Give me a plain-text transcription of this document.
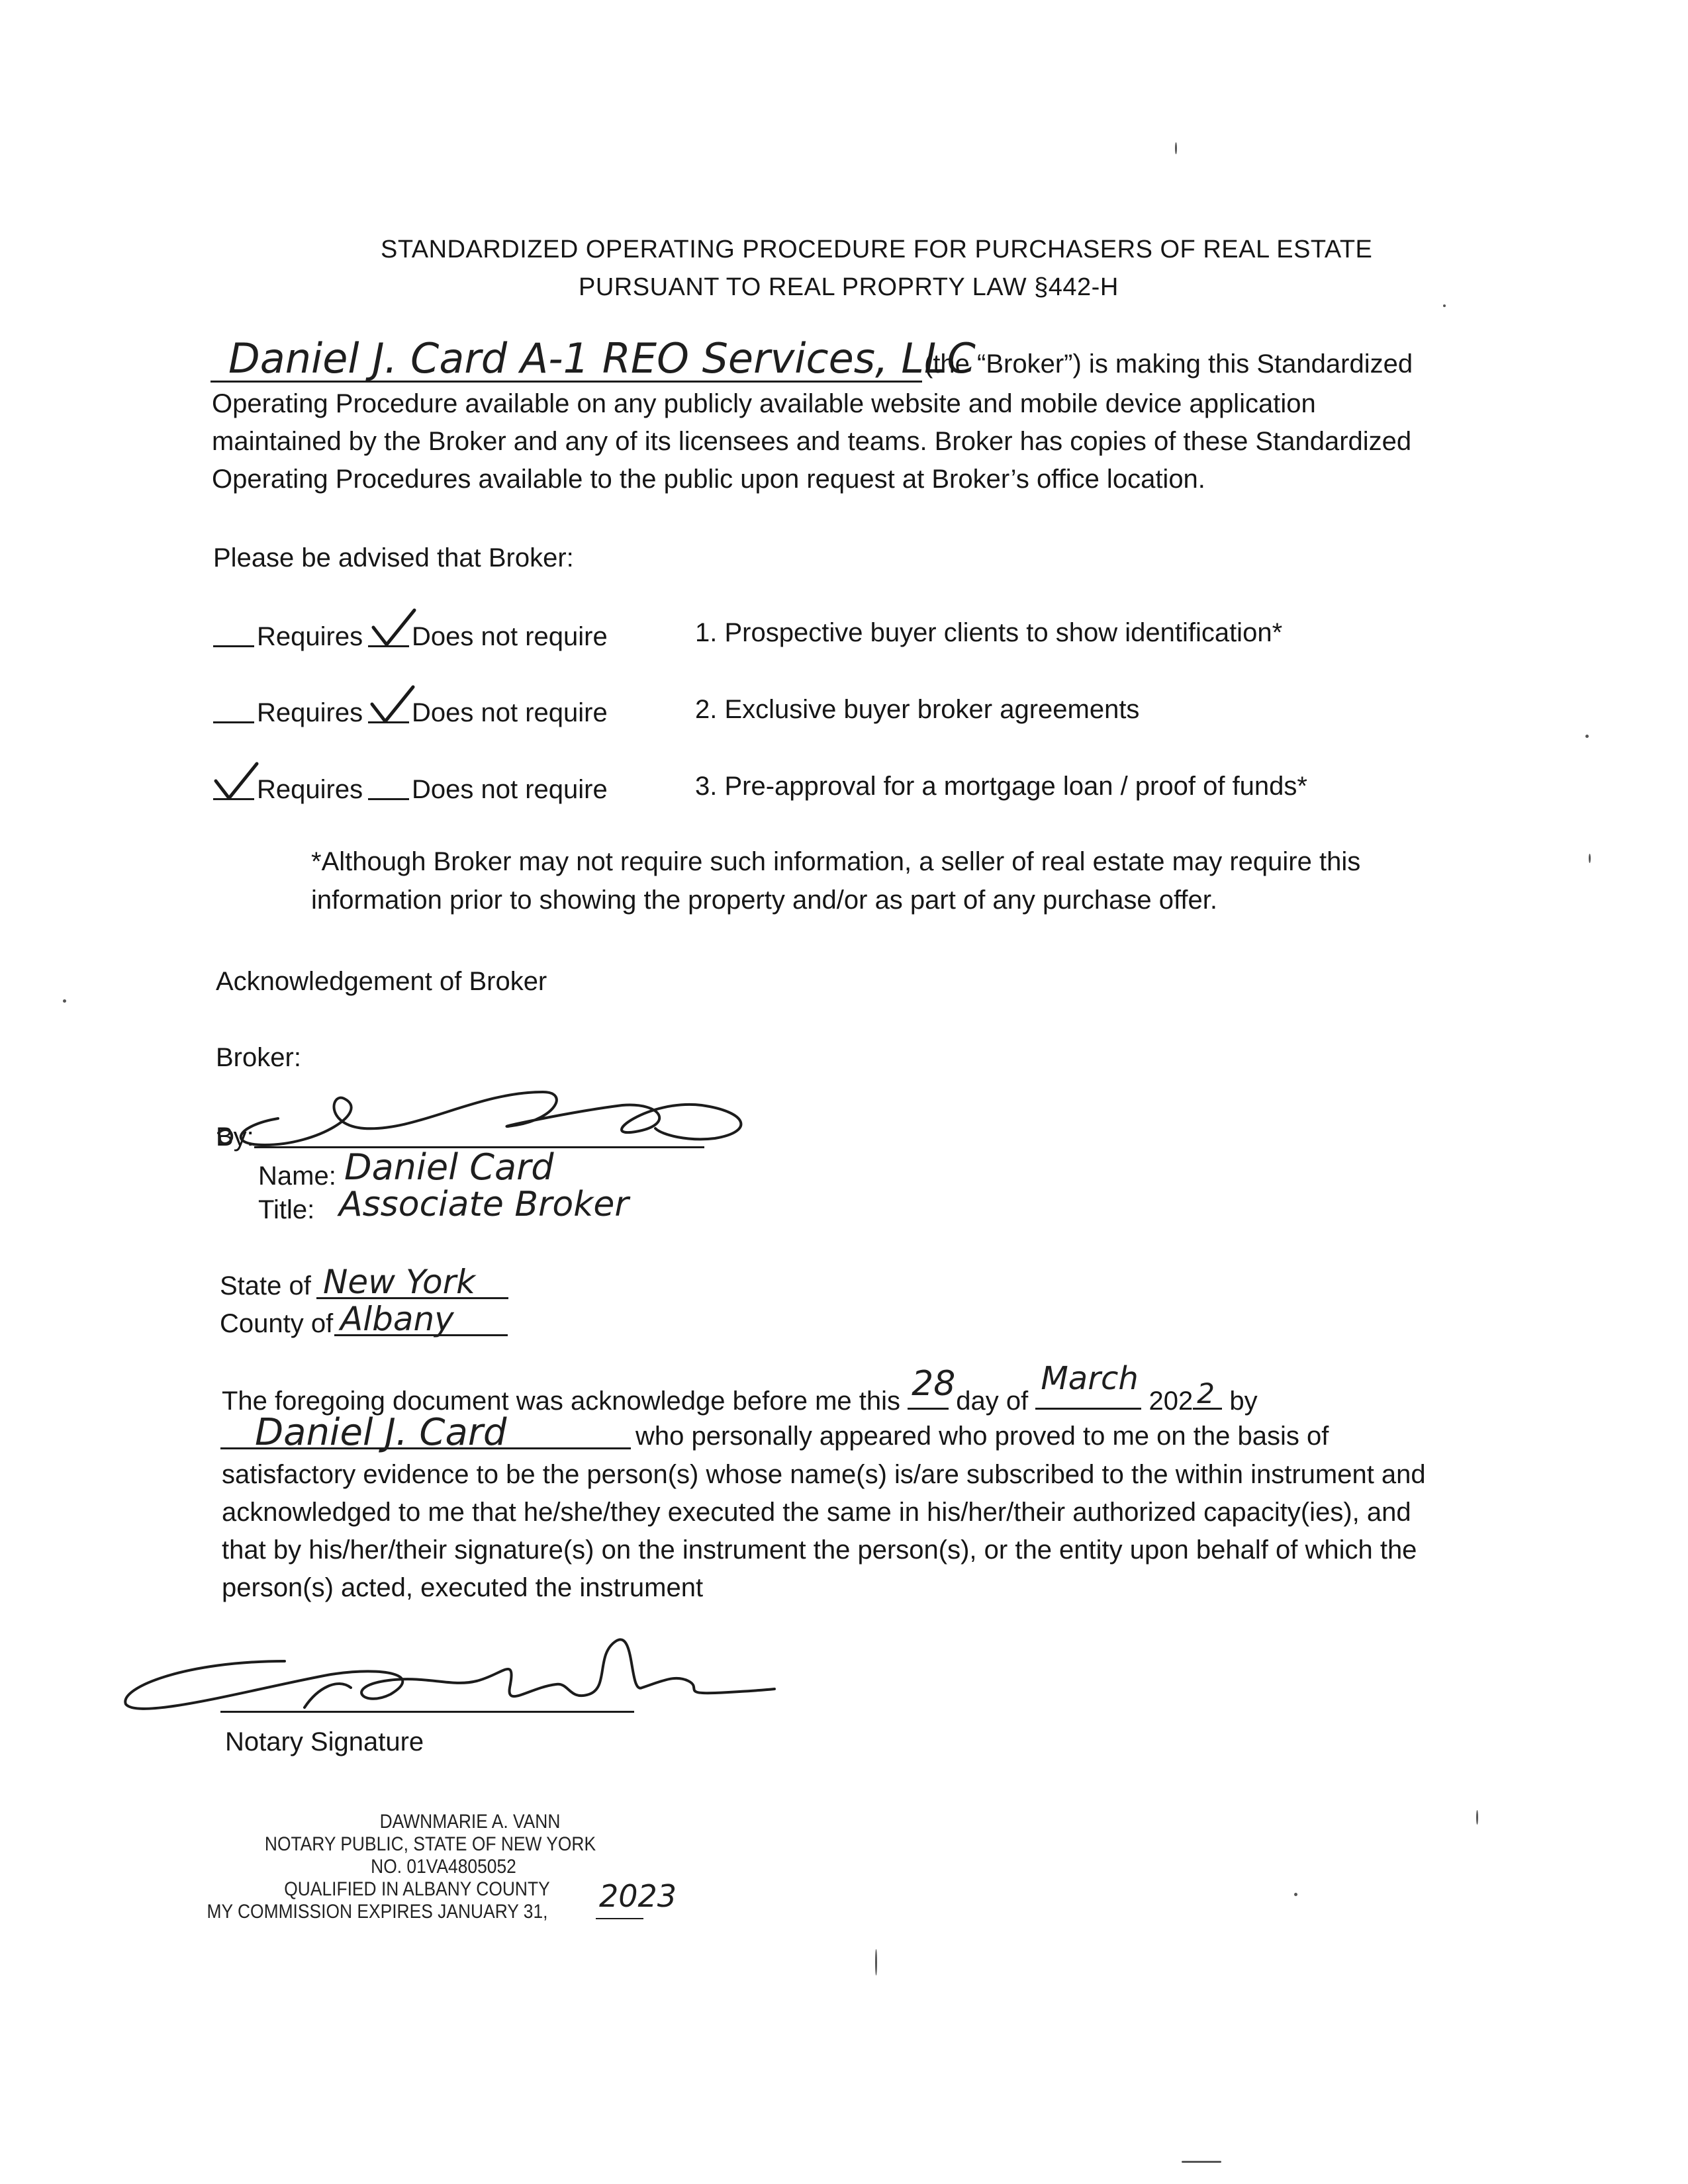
STANDARDIZED OPERATING PROCEDURE FOR PURCHASERS OF REAL ESTATE
PURSUANT TO REAL PROPRTY LAW §442-H
Daniel J. Card A-1 REO Services, LLC
(the “Broker”) is making this Standardized
Operating Procedure available on any publicly available website and mobile device application
maintained by the Broker and any of its licensees and teams. Broker has copies of these Standardized
Operating Procedures available to the public upon request at Broker’s office location.
Please be advised that Broker:
Requires Does not require	1. Prospective buyer clients to show identification*
Requires Does not require	2. Exclusive buyer broker agreements
Requires Does not require	3. Pre-approval for a mortgage loan / proof of funds*
*Although Broker may not require such information, a seller of real estate may require this
information prior to showing the property and/or as part of any purchase offer.
Acknowledgement of Broker
Broker:
By:
Name: Daniel Card
Title: Associate Broker
State of New York
County of Albany
The foregoing document was acknowledge before me this 28 day of
March
202 2 by
Daniel J. Card	who personally appeared who proved to me on the basis of
satisfactory evidence to be the person(s) whose name(s) is/are subscribed to the within instrument and
acknowledged to me that he/she/they executed the same in his/her/their authorized capacity(ies), and
that by his/her/their signature(s) on the instrument the person(s), or the entity upon behalf of which the
person(s) acted, executed the instrument
Notary Signature
DAWNMARIE A. VANN
NOTARY PUBLIC, STATE OF NEW YORK
NO. 01VA4805052
QUALIFIED IN ALBANY COUNTY
MY COMMISSION EXPIRES JANUARY 31,	2023
